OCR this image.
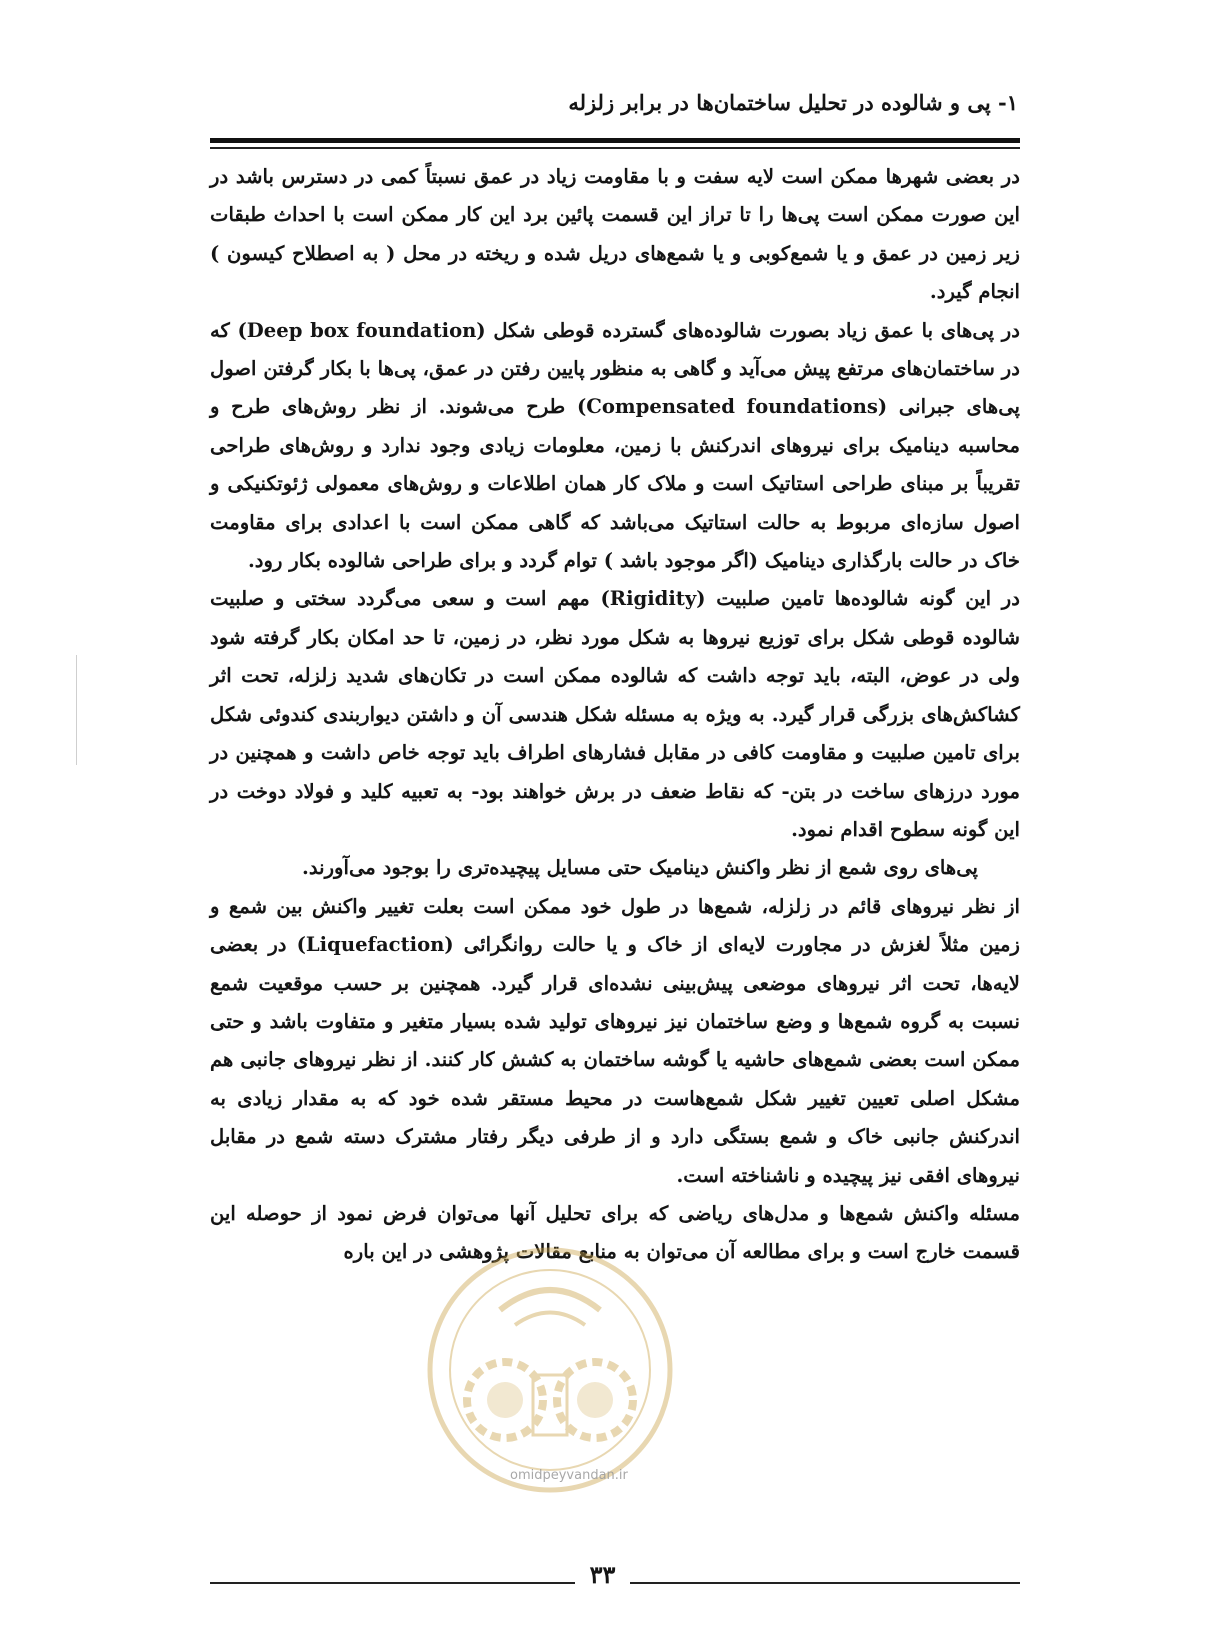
۱- پی و شالوده در تحلیل ساختمان‌ها در برابر زلزله

در بعضی شهرها ممکن است لایه سفت و با مقاومت زیاد در عمق نسبتاً کمی در دسترس باشد در این صورت ممکن است پی‌ها را تا تراز این قسمت پائین برد این کار ممکن است با احداث طبقات زیر زمین در عمق و یا شمع‌کوبی و یا شمع‌های دریل شده و ریخته در محل ( به اصطلاح کیسون ) انجام گیرد.

در پی‌های با عمق زیاد بصورت شالوده‌های گسترده قوطی شکل (Deep box foundation) که در ساختمان‌های مرتفع پیش می‌آید و گاهی به منظور پایین رفتن در عمق، پی‌ها با بکار گرفتن اصول پی‌های جبرانی (Compensated foundations) طرح می‌شوند. از نظر روش‌های طرح و محاسبه دینامیک برای نیروهای اندرکنش با زمین، معلومات زیادی وجود ندارد و روش‌های طراحی تقریباً بر مبنای طراحی استاتیک است و ملاک کار همان اطلاعات و روش‌های معمولی ژئوتکنیکی و اصول سازه‌ای مربوط به حالت استاتیک می‌باشد که گاهی ممکن است با اعدادی برای مقاومت خاک در حالت بارگذاری دینامیک (اگر موجود باشد ) توام گردد و برای طراحی شالوده بکار رود.

در این گونه شالوده‌ها تامین صلبیت (Rigidity) مهم است و سعی می‌گردد سختی و صلبیت شالوده قوطی شکل برای توزیع نیروها به شکل مورد نظر، در زمین، تا حد امکان بکار گرفته شود ولی در عوض، البته، باید توجه داشت که شالوده ممکن است در تکان‌های شدید زلزله، تحت اثر کشاکش‌های بزرگی قرار گیرد. به ویژه به مسئله شکل هندسی آن و داشتن دیواربندی کندوئی شکل برای تامین صلبیت و مقاومت کافی در مقابل فشارهای اطراف باید توجه خاص داشت و همچنین در مورد درزهای ساخت در بتن- که نقاط ضعف در برش خواهند بود- به تعبیه کلید و فولاد دوخت در این گونه سطوح اقدام نمود.

پی‌های روی شمع از نظر واکنش دینامیک حتی مسایل پیچیده‌تری را بوجود می‌آورند.

از نظر نیروهای قائم در زلزله، شمع‌ها در طول خود ممکن است بعلت تغییر واکنش بین شمع و زمین مثلاً لغزش در مجاورت لایه‌ای از خاک و یا حالت روانگرائی (Liquefaction) در بعضی لایه‌ها، تحت اثر نیروهای موضعی پیش‌بینی نشده‌ای قرار گیرد. همچنین بر حسب موقعیت شمع نسبت به گروه شمع‌ها و وضع ساختمان نیز نیروهای تولید شده بسیار متغیر و متفاوت باشد و حتی ممکن است بعضی شمع‌های حاشیه یا گوشه ساختمان به کشش کار کنند. از نظر نیروهای جانبی هم مشکل اصلی تعیین تغییر شکل شمع‌هاست در محیط مستقر شده خود که به مقدار زیادی به اندرکنش جانبی خاک و شمع بستگی دارد و از طرفی دیگر رفتار مشترک دسته شمع در مقابل نیروهای افقی نیز پیچیده و ناشناخته است.

مسئله واکنش شمع‌ها و مدل‌های ریاضی که برای تحلیل آنها می‌توان فرض نمود از حوصله این قسمت خارج است و برای مطالعه آن می‌توان به منابع مقالات پژوهشی در این باره

omidpeyvandan.ir
۳۳
